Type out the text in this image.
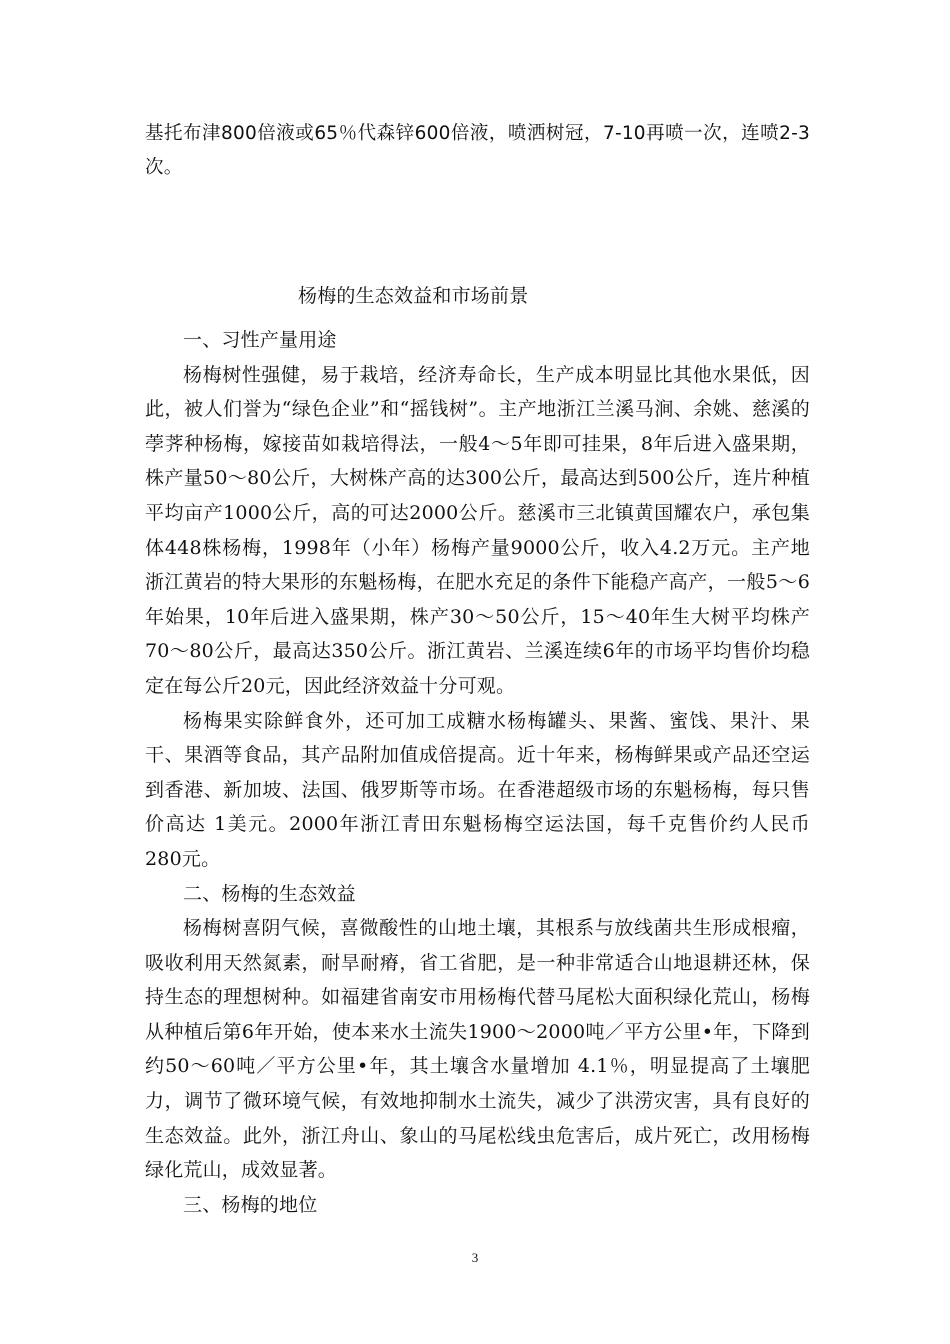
基托布津800倍液或65％代森锌600倍液，喷洒树冠，7-10再喷一次，连喷2-3次。

杨梅的生态效益和市场前景

一、习性产量用途

杨梅树性强健，易于栽培，经济寿命长，生产成本明显比其他水果低，因此，被人们誉为“绿色企业”和“摇钱树”。主产地浙江兰溪马涧、余姚、慈溪的荸荠种杨梅，嫁接苗如栽培得法，一般4～5年即可挂果，8年后进入盛果期，株产量50～80公斤，大树株产高的达300公斤，最高达到500公斤，连片种植平均亩产1000公斤，高的可达2000公斤。慈溪市三北镇黄国耀农户，承包集体448株杨梅，1998年（小年）杨梅产量9000公斤，收入4.2万元。主产地浙江黄岩的特大果形的东魁杨梅，在肥水充足的条件下能稳产高产，一般5～6年始果，10年后进入盛果期，株产30～50公斤，15～40年生大树平均株产70～80公斤，最高达350公斤。浙江黄岩、兰溪连续6年的市场平均售价均稳定在每公斤20元，因此经济效益十分可观。

杨梅果实除鲜食外，还可加工成糖水杨梅罐头、果酱、蜜饯、果汁、果干、果酒等食品，其产品附加值成倍提高。近十年来，杨梅鲜果或产品还空运到香港、新加坡、法国、俄罗斯等市场。在香港超级市场的东魁杨梅，每只售价高达 1美元。2000年浙江青田东魁杨梅空运法国，每千克售价约人民币 280元。

二、杨梅的生态效益

杨梅树喜阴气候，喜微酸性的山地土壤，其根系与放线菌共生形成根瘤，吸收利用天然氮素，耐旱耐瘠，省工省肥，是一种非常适合山地退耕还林，保持生态的理想树种。如福建省南安市用杨梅代替马尾松大面积绿化荒山，杨梅从种植后第6年开始，使本来水土流失1900～2000吨／平方公里•年，下降到约50～60吨／平方公里•年，其土壤含水量增加 4.1％，明显提高了土壤肥力，调节了微环境气候，有效地抑制水土流失，减少了洪涝灾害，具有良好的生态效益。此外，浙江舟山、象山的马尾松线虫危害后，成片死亡，改用杨梅绿化荒山，成效显著。

三、杨梅的地位

3
